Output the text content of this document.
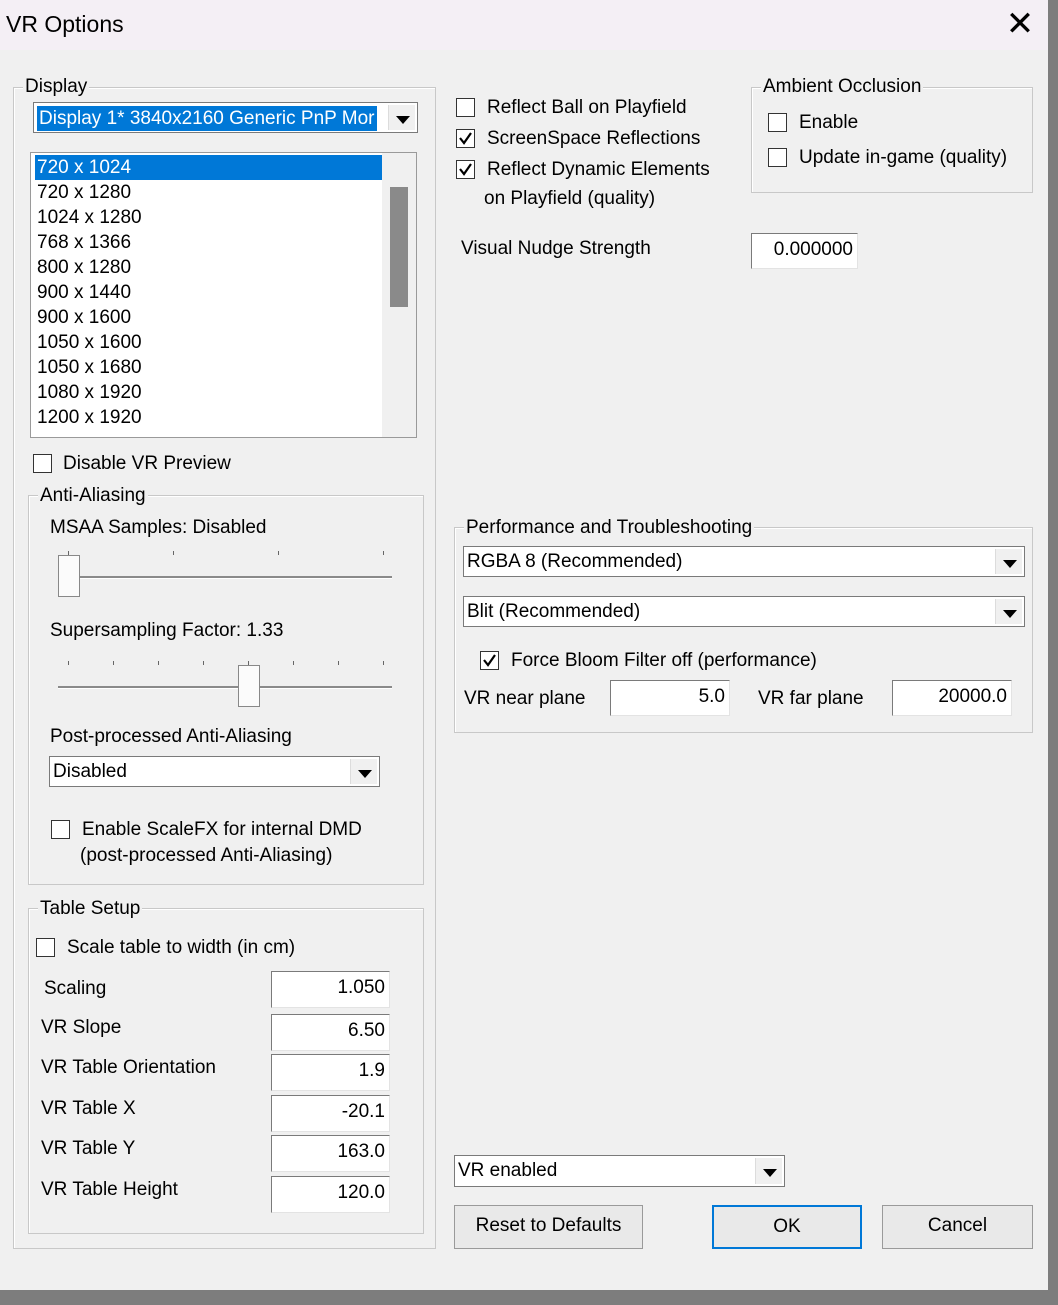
VR Options	✕
Display
Display 1* 3840x2160 Generic PnP Mor
720 x 1024
720 x 1280
1024 x 1280
768 x 1366
800 x 1280
900 x 1440
900 x 1600
1050 x 1600
1050 x 1680
1080 x 1920
1200 x 1920
Disable VR Preview
Anti-Aliasing
MSAA Samples: Disabled
Supersampling Factor: 1.33
Post-processed Anti-Aliasing
Disabled
Enable ScaleFX for internal DMD
(post-processed Anti-Aliasing)
Table Setup
Scale table to width (in cm)
Scaling	1.050
VR Slope	6.50
VR Table Orientation	1.9
VR Table X	-20.1
VR Table Y	163.0
VR Table Height	120.0
Reflect Ball on Playfield
ScreenSpace Reflections
Reflect Dynamic Elements
on Playfield (quality)
Ambient Occlusion
Enable
Update in-game (quality)
Visual Nudge Strength	0.000000
Performance and Troubleshooting
RGBA 8 (Recommended)
Blit (Recommended)
Force Bloom Filter off (performance)
VR near plane	5.0 VR far plane	20000.0
VR enabled
Reset to Defaults	OK	Cancel
